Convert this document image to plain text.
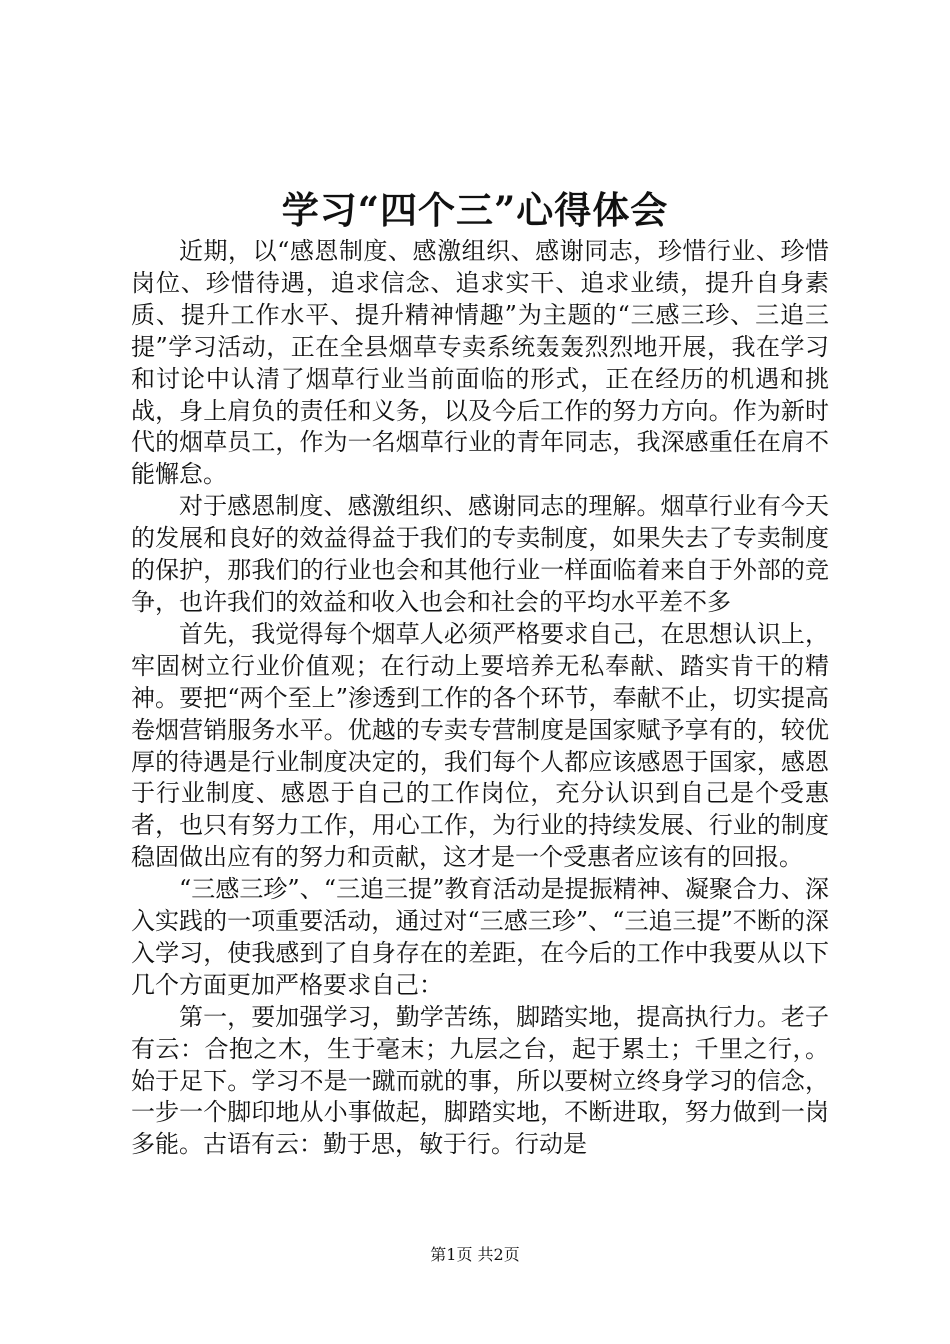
学习“四个三”心得体会

近期，以“感恩制度、感激组织、感谢同志，珍惜行业、珍惜岗位、珍惜待遇，追求信念、追求实干、追求业绩，提升自身素质、提升工作水平、提升精神情趣”为主题的“三感三珍、三追三提”学习活动，正在全县烟草专卖系统轰轰烈烈地开展，我在学习和讨论中认清了烟草行业当前面临的形式，正在经历的机遇和挑战，身上肩负的责任和义务，以及今后工作的努力方向。作为新时代的烟草员工，作为一名烟草行业的青年同志，我深感重任在肩不能懈怠。

对于感恩制度、感激组织、感谢同志的理解。烟草行业有今天的发展和良好的效益得益于我们的专卖制度，如果失去了专卖制度的保护，那我们的行业也会和其他行业一样面临着来自于外部的竞争，也许我们的效益和收入也会和社会的平均水平差不多

首先，我觉得每个烟草人必须严格要求自己，在思想认识上，牢固树立行业价值观；在行动上要培养无私奉献、踏实肯干的精神。要把“两个至上”渗透到工作的各个环节，奉献不止，切实提高卷烟营销服务水平。优越的专卖专营制度是国家赋予享有的，较优厚的待遇是行业制度决定的，我们每个人都应该感恩于国家，感恩于行业制度、感恩于自己的工作岗位，充分认识到自己是个受惠者，也只有努力工作，用心工作，为行业的持续发展、行业的制度稳固做出应有的努力和贡献，这才是一个受惠者应该有的回报。

“三感三珍”、“三追三提”教育活动是提振精神、凝聚合力、深入实践的一项重要活动，通过对“三感三珍”、“三追三提”不断的深入学习，使我感到了自身存在的差距，在今后的工作中我要从以下几个方面更加严格要求自己：

第一，要加强学习，勤学苦练，脚踏实地，提高执行力。老子有云：合抱之木，生于毫末；九层之台，起于累土；千里之行，。始于足下。学习不是一蹴而就的事，所以要树立终身学习的信念，一步一个脚印地从小事做起，脚踏实地，不断进取，努力做到一岗多能。古语有云：勤于思，敏于行。行动是

第1页 共2页
